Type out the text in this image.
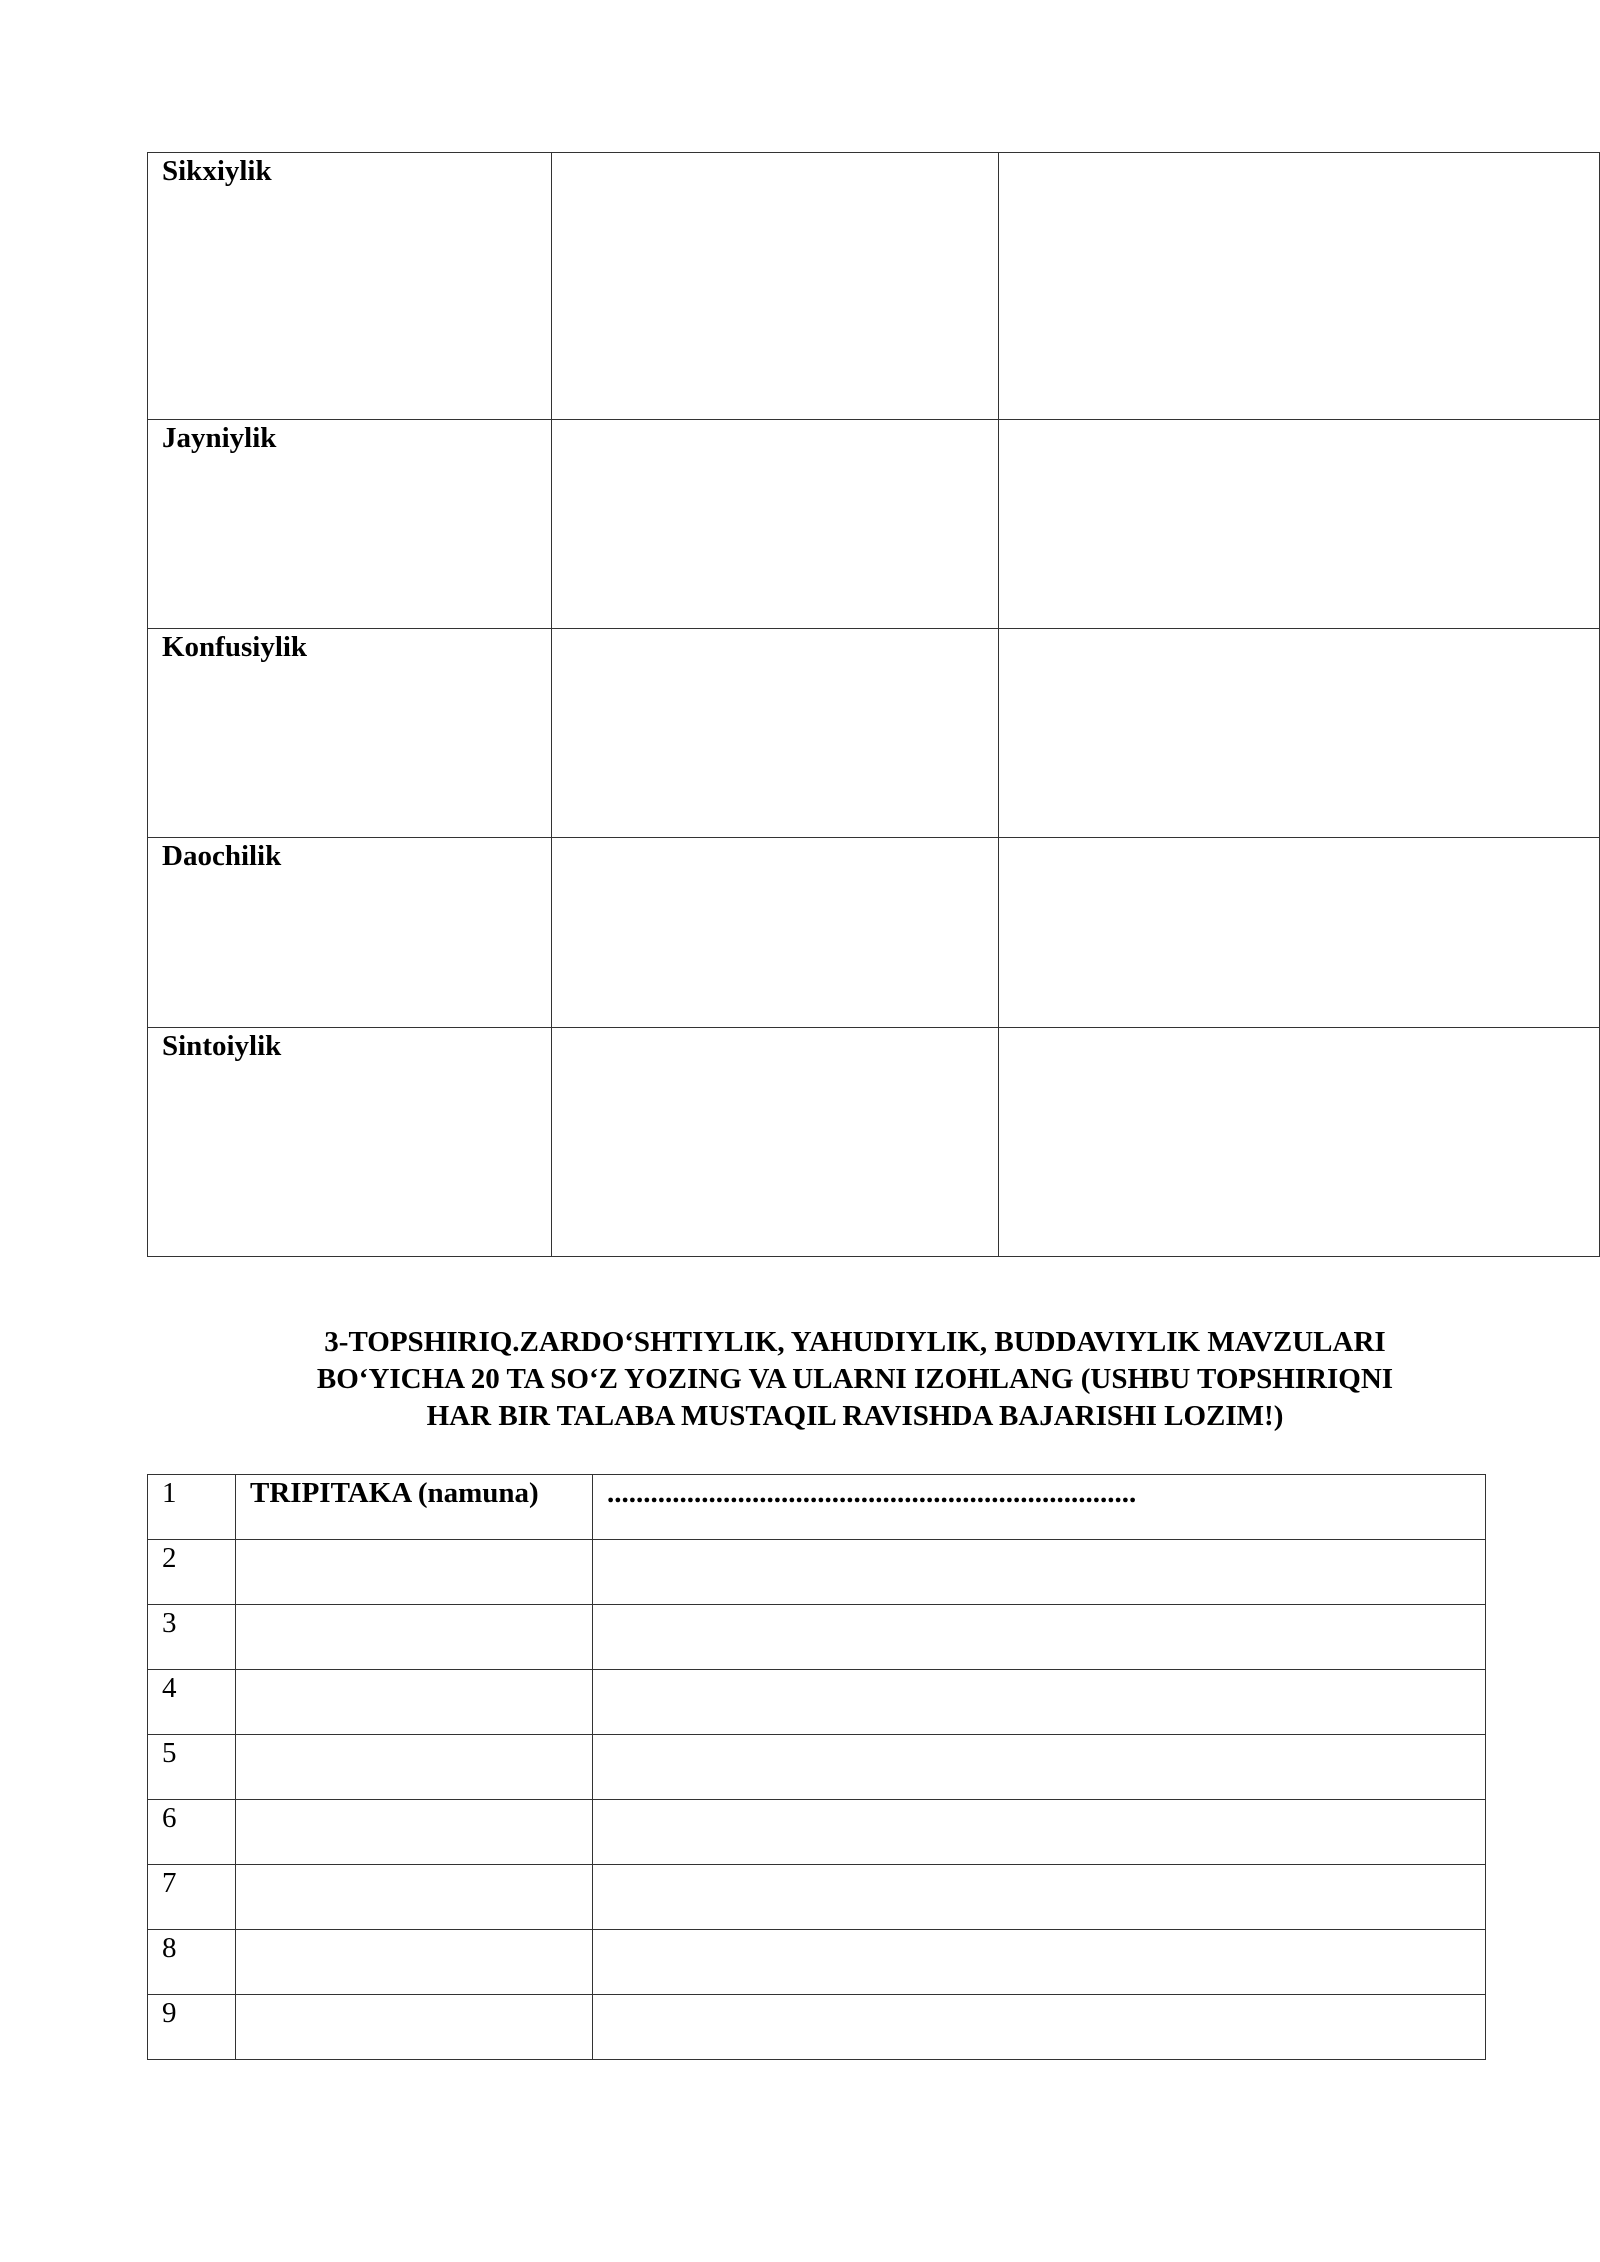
Sikxiylik		

Jayniylik		

Konfusiylik		

Daochilik		

Sintoiylik		

3-TOPSHIRIQ.ZARDO‘SHTIYLIK, YAHUDIYLIK, BUDDAVIYLIK MAVZULARI
BO‘YICHA 20 TA SO‘Z YOZING VA ULARNI IZOHLANG (USHBU TOPSHIRIQNI
HAR BIR TALABA MUSTAQIL RAVISHDA BAJARISHI LOZIM!)
1	TRIPITAKA (namuna)	.........................................................................

2		

3		

4		

5		

6		

7		

8		

9		
